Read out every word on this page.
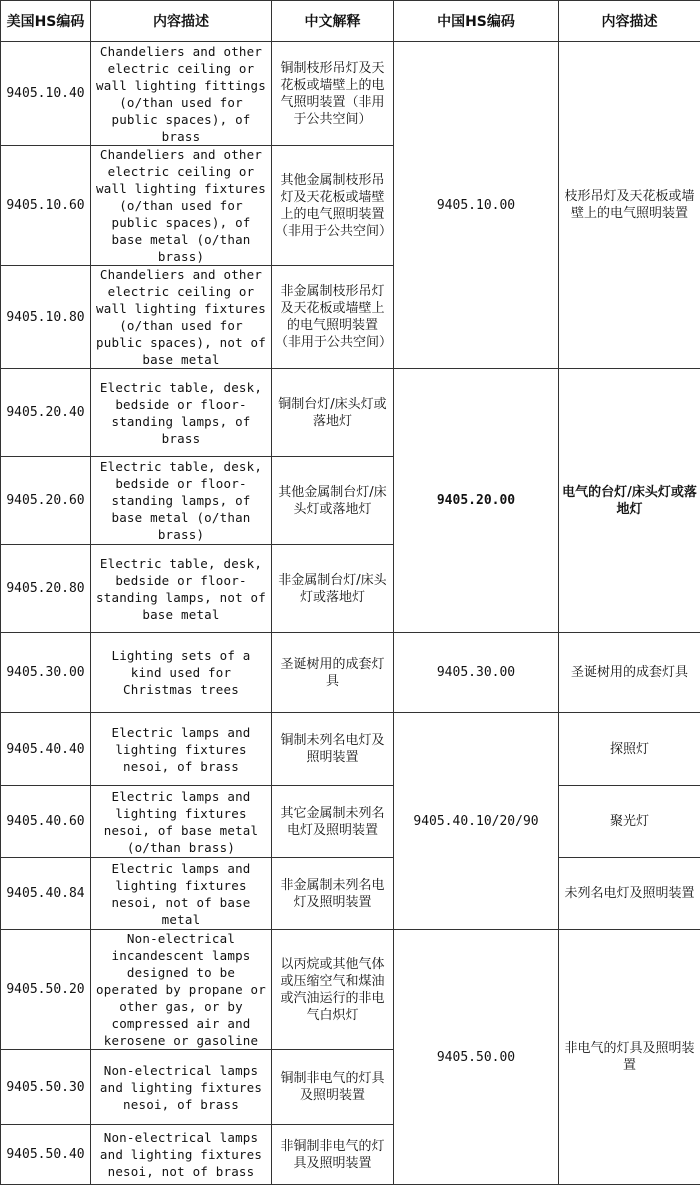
美国HS编码	内容描述	中文解释	中国HS编码	内容描述
9405.10.40	Chandeliers and other electric ceiling or wall lighting fittings (o/than used for public spaces), of brass	铜制枝形吊灯及天花板或墙壁上的电气照明装置（非用于公共空间）	9405.10.00	枝形吊灯及天花板或墙壁上的电气照明装置
9405.10.60	Chandeliers and other electric ceiling or wall lighting fixtures (o/than used for public spaces), of base metal (o/than brass)	其他金属制枝形吊灯及天花板或墙壁上的电气照明装置（非用于公共空间）		
9405.10.80	Chandeliers and other electric ceiling or wall lighting fixtures (o/than used for public spaces), not of base metal	非金属制枝形吊灯及天花板或墙壁上的电气照明装置（非用于公共空间）		
9405.20.40	Electric table, desk, bedside or floor-standing lamps, of brass	铜制台灯/床头灯或落地灯	9405.20.00	电气的台灯/床头灯或落地灯
9405.20.60	Electric table, desk, bedside or floor-standing lamps, of base metal (o/than brass)	其他金属制台灯/床头灯或落地灯		
9405.20.80	Electric table, desk, bedside or floor-standing lamps, not of base metal	非金属制台灯/床头灯或落地灯		
9405.30.00	Lighting sets of a kind used for Christmas trees	圣诞树用的成套灯具	9405.30.00	圣诞树用的成套灯具
9405.40.40	Electric lamps and lighting fixtures nesoi, of brass	铜制未列名电灯及照明装置	9405.40.10/20/90	探照灯
9405.40.60	Electric lamps and lighting fixtures nesoi, of base metal (o/than brass)	其它金属制未列名电灯及照明装置		聚光灯
9405.40.84	Electric lamps and lighting fixtures nesoi, not of base metal	非金属制未列名电灯及照明装置		未列名电灯及照明装置
9405.50.20	Non-electrical incandescent lamps designed to be operated by propane or other gas, or by compressed air and kerosene or gasoline	以丙烷或其他气体或压缩空气和煤油或汽油运行的非电气白炽灯	9405.50.00	非电气的灯具及照明装置
9405.50.30	Non-electrical lamps and lighting fixtures nesoi, of brass	铜制非电气的灯具及照明装置		
9405.50.40	Non-electrical lamps and lighting fixtures nesoi, not of brass	非铜制非电气的灯具及照明装置		
